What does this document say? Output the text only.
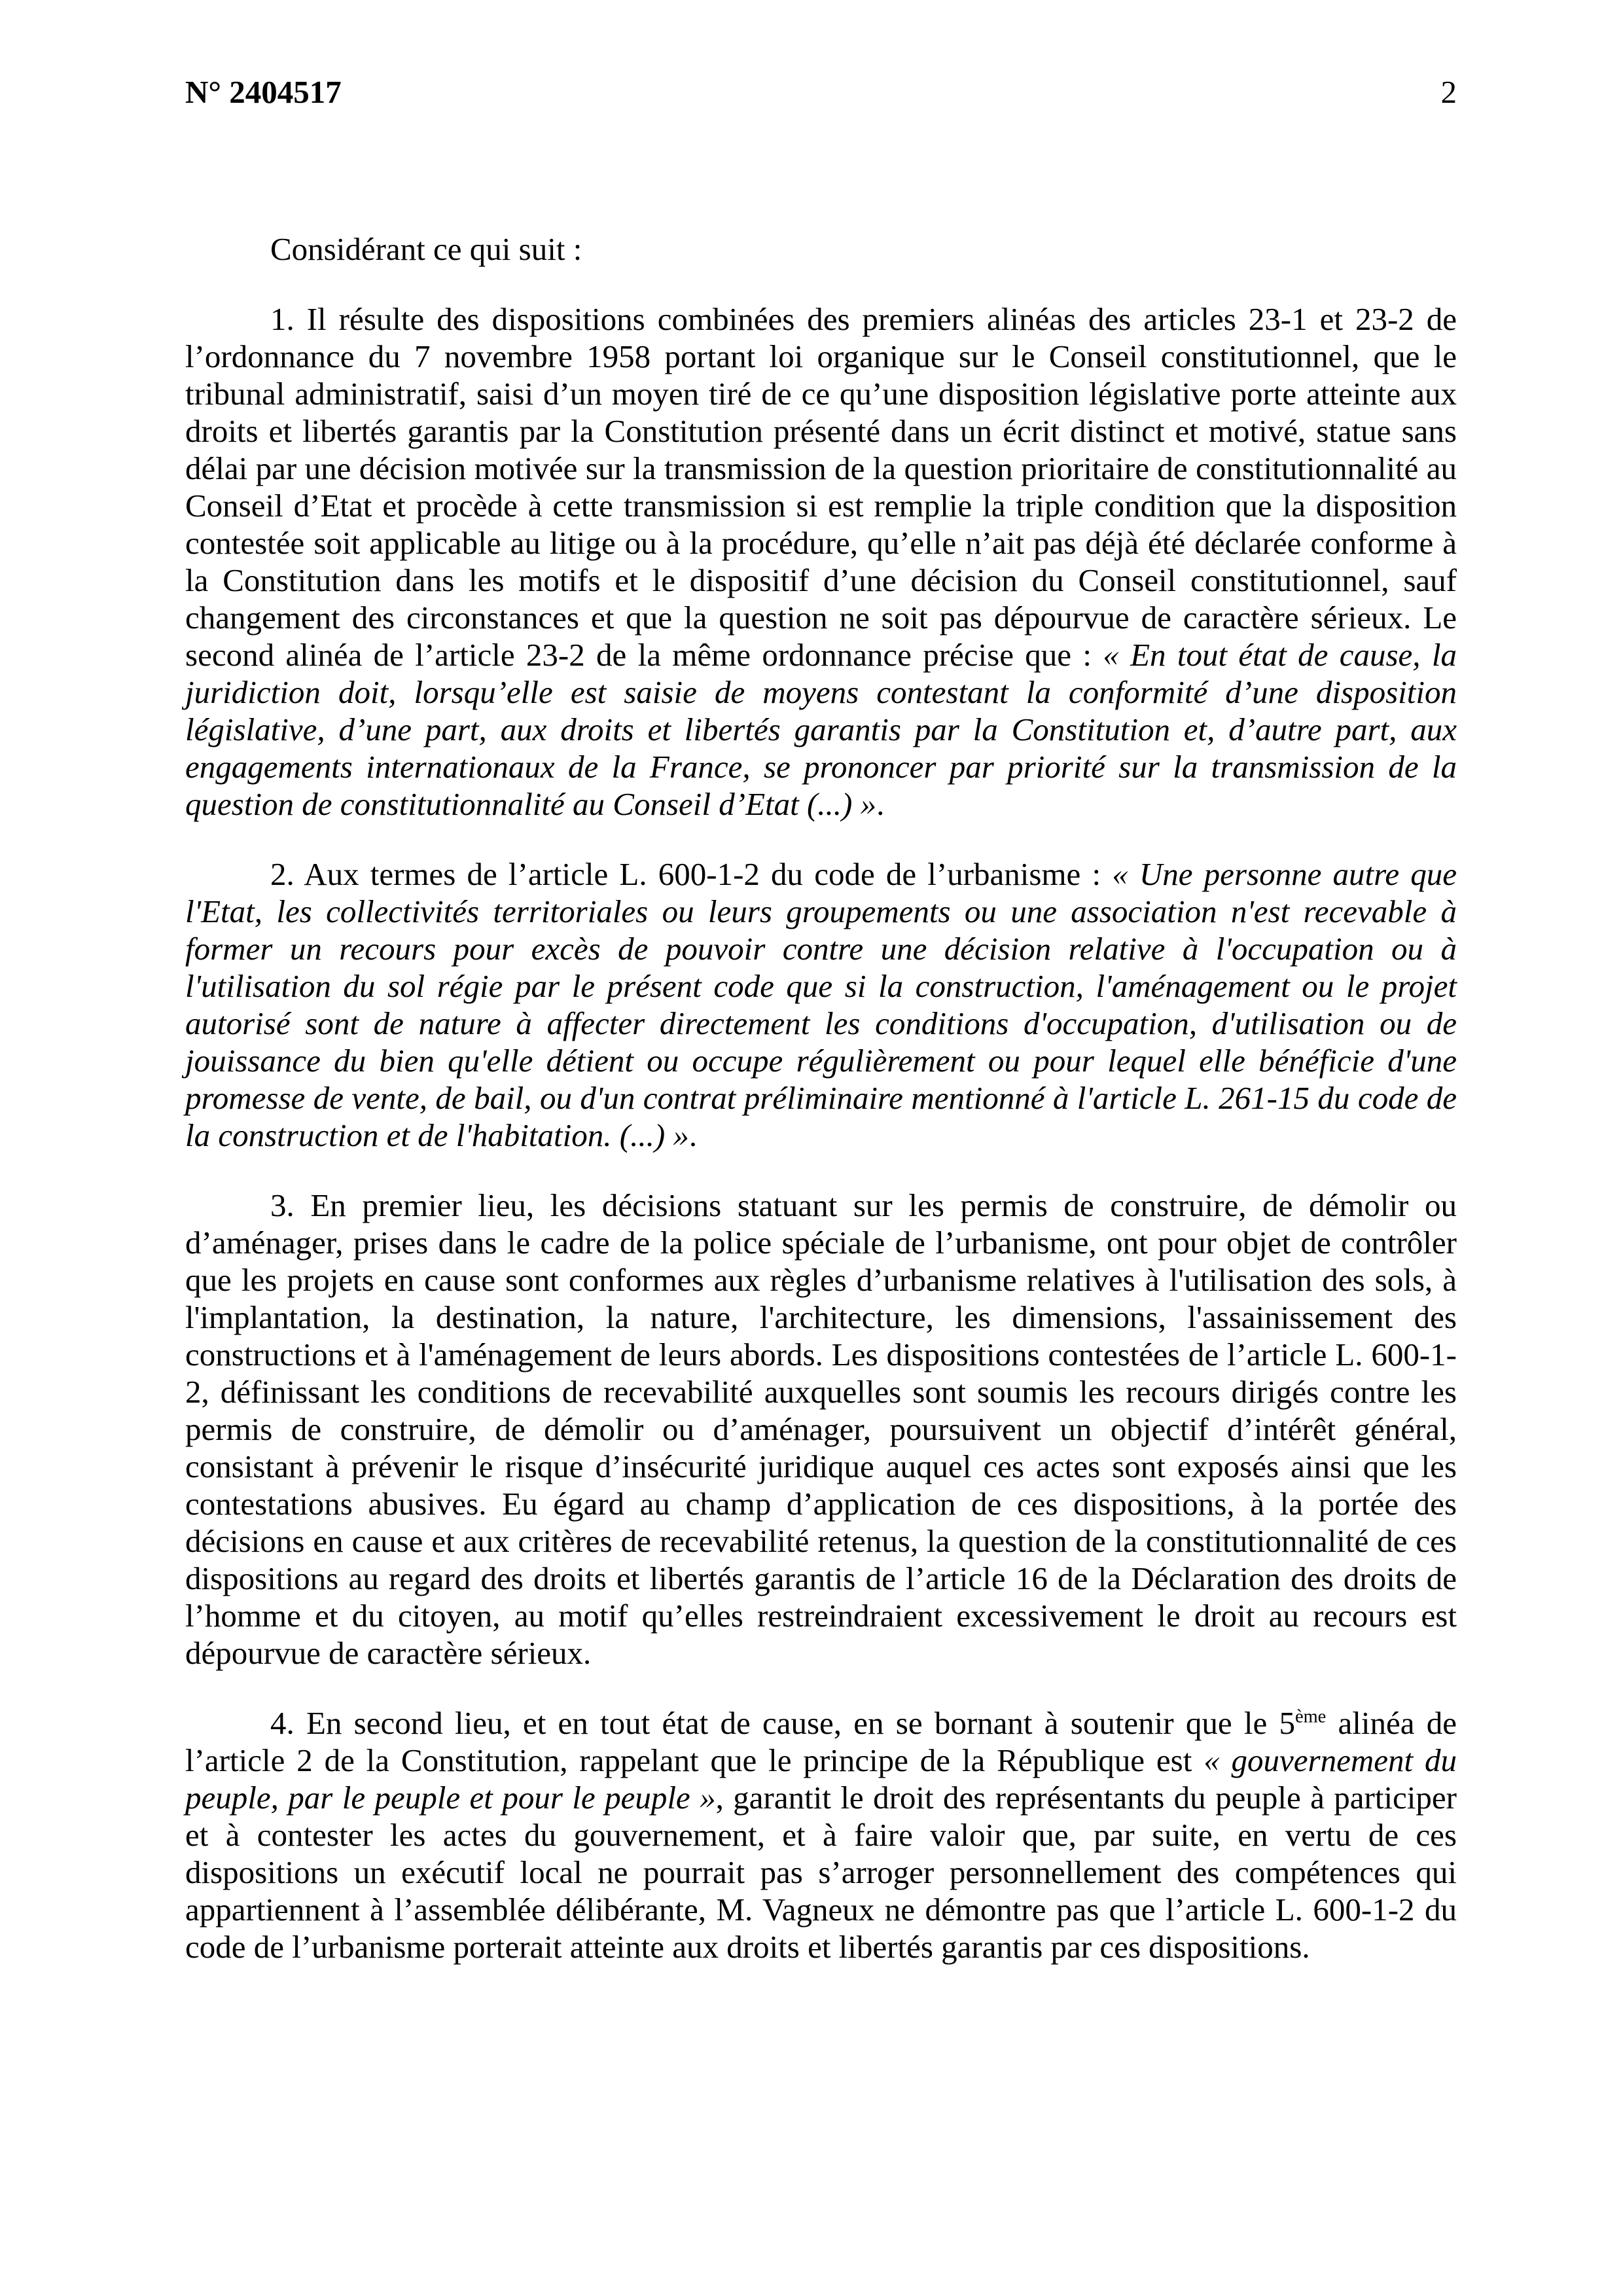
N° 2404517	2

Considérant ce qui suit :

1. Il résulte des dispositions combinées des premiers alinéas des articles 23-1 et 23-2 de l’ordonnance du 7 novembre 1958 portant loi organique sur le Conseil constitutionnel, que le tribunal administratif, saisi d’un moyen tiré de ce qu’une disposition législative porte atteinte aux droits et libertés garantis par la Constitution présenté dans un écrit distinct et motivé, statue sans délai par une décision motivée sur la transmission de la question prioritaire de constitutionnalité au Conseil d’Etat et procède à cette transmission si est remplie la triple condition que la disposition contestée soit applicable au litige ou à la procédure, qu’elle n’ait pas déjà été déclarée conforme à la Constitution dans les motifs et le dispositif d’une décision du Conseil constitutionnel, sauf changement des circonstances et que la question ne soit pas dépourvue de caractère sérieux. Le second alinéa de l’article 23-2 de la même ordonnance précise que : « En tout état de cause, la juridiction doit, lorsqu’elle est saisie de moyens contestant la conformité d’une disposition législative, d’une part, aux droits et libertés garantis par la Constitution et, d’autre part, aux engagements internationaux de la France, se prononcer par priorité sur la transmission de la question de constitutionnalité au Conseil d’Etat (...) ».

2. Aux termes de l’article L. 600-1-2 du code de l’urbanisme : « Une personne autre que l'Etat, les collectivités territoriales ou leurs groupements ou une association n'est recevable à former un recours pour excès de pouvoir contre une décision relative à l'occupation ou à l'utilisation du sol régie par le présent code que si la construction, l'aménagement ou le projet autorisé sont de nature à affecter directement les conditions d'occupation, d'utilisation ou de jouissance du bien qu'elle détient ou occupe régulièrement ou pour lequel elle bénéficie d'une promesse de vente, de bail, ou d'un contrat préliminaire mentionné à l'article L. 261-15 du code de la construction et de l'habitation. (...) ».

3. En premier lieu, les décisions statuant sur les permis de construire, de démolir ou d’aménager, prises dans le cadre de la police spéciale de l’urbanisme, ont pour objet de contrôler que les projets en cause sont conformes aux règles d’urbanisme relatives à l'utilisation des sols, à l'implantation, la destination, la nature, l'architecture, les dimensions, l'assainissement des constructions et à l'aménagement de leurs abords. Les dispositions contestées de l’article L. 600-1-2, définissant les conditions de recevabilité auxquelles sont soumis les recours dirigés contre les permis de construire, de démolir ou d’aménager, poursuivent un objectif d’intérêt général, consistant à prévenir le risque d’insécurité juridique auquel ces actes sont exposés ainsi que les contestations abusives. Eu égard au champ d’application de ces dispositions, à la portée des décisions en cause et aux critères de recevabilité retenus, la question de la constitutionnalité de ces dispositions au regard des droits et libertés garantis de l’article 16 de la Déclaration des droits de l’homme et du citoyen, au motif qu’elles restreindraient excessivement le droit au recours est dépourvue de caractère sérieux.

4. En second lieu, et en tout état de cause, en se bornant à soutenir que le 5ème alinéa de l’article 2 de la Constitution, rappelant que le principe de la République est « gouvernement du peuple, par le peuple et pour le peuple », garantit le droit des représentants du peuple à participer et à contester les actes du gouvernement, et à faire valoir que, par suite, en vertu de ces dispositions un exécutif local ne pourrait pas s’arroger personnellement des compétences qui appartiennent à l’assemblée délibérante, M. Vagneux ne démontre pas que l’article L. 600-1-2 du code de l’urbanisme porterait atteinte aux droits et libertés garantis par ces dispositions.
